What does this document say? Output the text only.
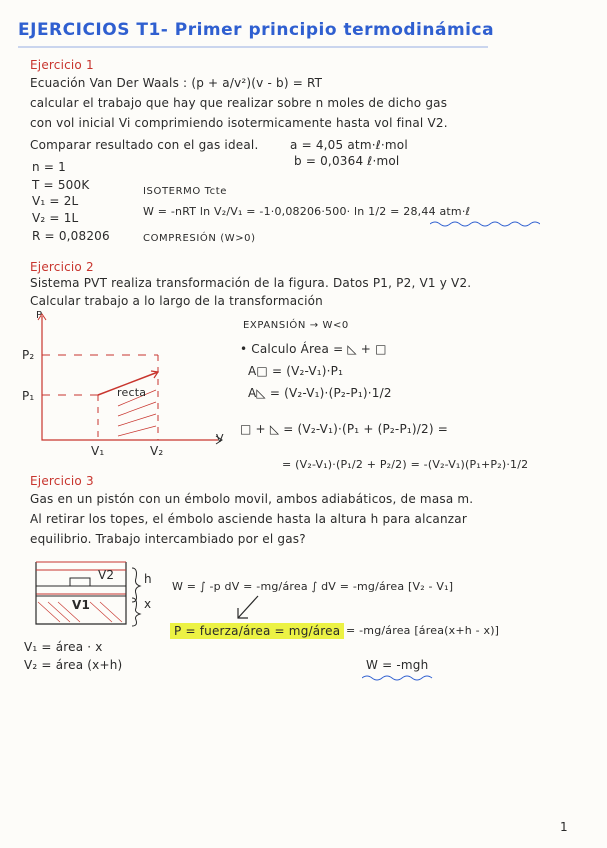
EJERCICIOS T1- Primer principio termodinámica
Ejercicio 1
Ecuación Van Der Waals : (p + a/v²)(v - b) = RT
calcular el trabajo que hay que realizar sobre n moles de dicho gas
con vol inicial Vi comprimiendo isotermicamente hasta vol final V2.
Comparar resultado con el gas ideal.	a = 4,05 atm·ℓ·mol
b = 0,0364 ℓ·mol
n = 1
T = 500K
V₁ = 2L
V₂ = 1L
R = 0,08206
ISOTERMO Tcte
W = -nRT ln V₂/V₁ = -1·0,08206·500· ln 1/2 = 28,44 atm·ℓ
COMPRESIÓN (W>0)
Ejercicio 2
Sistema PVT realiza transformación de la figura. Datos P1, P2, V1 y V2.
Calcular trabajo a lo largo de la transformación
P
P₂
P₁	recta
V
V₁	V₂
EXPANSIÓN → W<0
• Calculo Área = ◺ + □
A□ = (V₂-V₁)·P₁
A◺ = (V₂-V₁)·(P₂-P₁)·1/2
□ + ◺ = (V₂-V₁)·(P₁ + (P₂-P₁)/2) =
= (V₂-V₁)·(P₁/2 + P₂/2) = -(V₂-V₁)(P₁+P₂)·1/2
Ejercicio 3
Gas en un pistón con un émbolo movil, ambos adiabáticos, de masa m.
Al retirar los topes, el émbolo asciende hasta la altura h para alcanzar
equilibrio. Trabajo intercambiado por el gas?
V2
V1
h
x
W = ∫ -p dV = -mg/área ∫ dV = -mg/área [V₂ - V₁]
P = fuerza/área = mg/área = -mg/área [área(x+h - x)]
W = -mgh
V₁ = área · x
V₂ = área (x+h)
1
